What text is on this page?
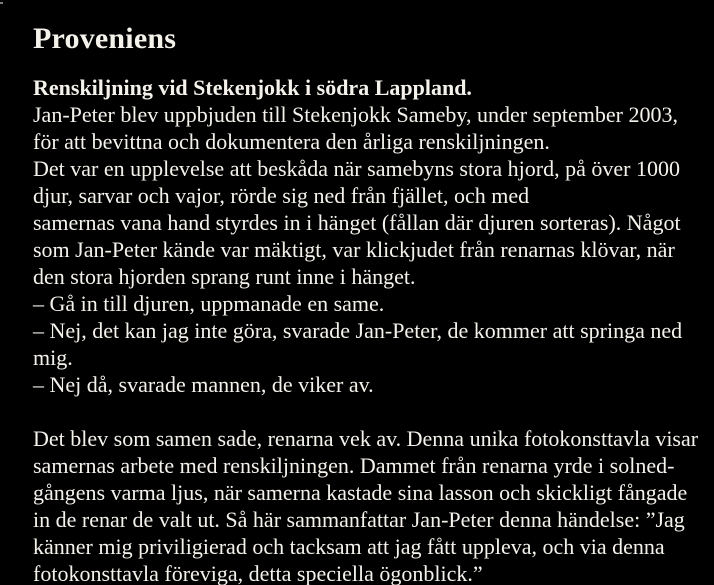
Proveniens

Renskiljning vid Stekenjokk i södra Lappland.

Jan-Peter blev uppbjuden till Stekenjokk Sameby, under september 2003,
för att bevittna och dokumentera den årliga renskiljningen.
Det var en upplevelse att beskåda när samebyns stora hjord, på över 1000
djur, sarvar och vajor, rörde sig ned från fjället, och med
samernas vana hand styrdes in i hänget (fållan där djuren sorteras). Något
som Jan-Peter kände var mäktigt, var klickjudet från renarnas klövar, när
den stora hjorden sprang runt inne i hänget.
– Gå in till djuren, uppmanade en same.
– Nej, det kan jag inte göra, svarade Jan-Peter, de kommer att springa ned
mig.
– Nej då, svarade mannen, de viker av.
Det blev som samen sade, renarna vek av. Denna unika fotokonsttavla visar
samernas arbete med renskiljningen. Dammet från renarna yrde i solned-
gångens varma ljus, när samerna kastade sina lasson och skickligt fångade
in de renar de valt ut. Så här sammanfattar Jan-Peter denna händelse: ”Jag
känner mig priviligierad och tacksam att jag fått uppleva, och via denna
fotokonsttavla föreviga, detta speciella ögonblick.”
